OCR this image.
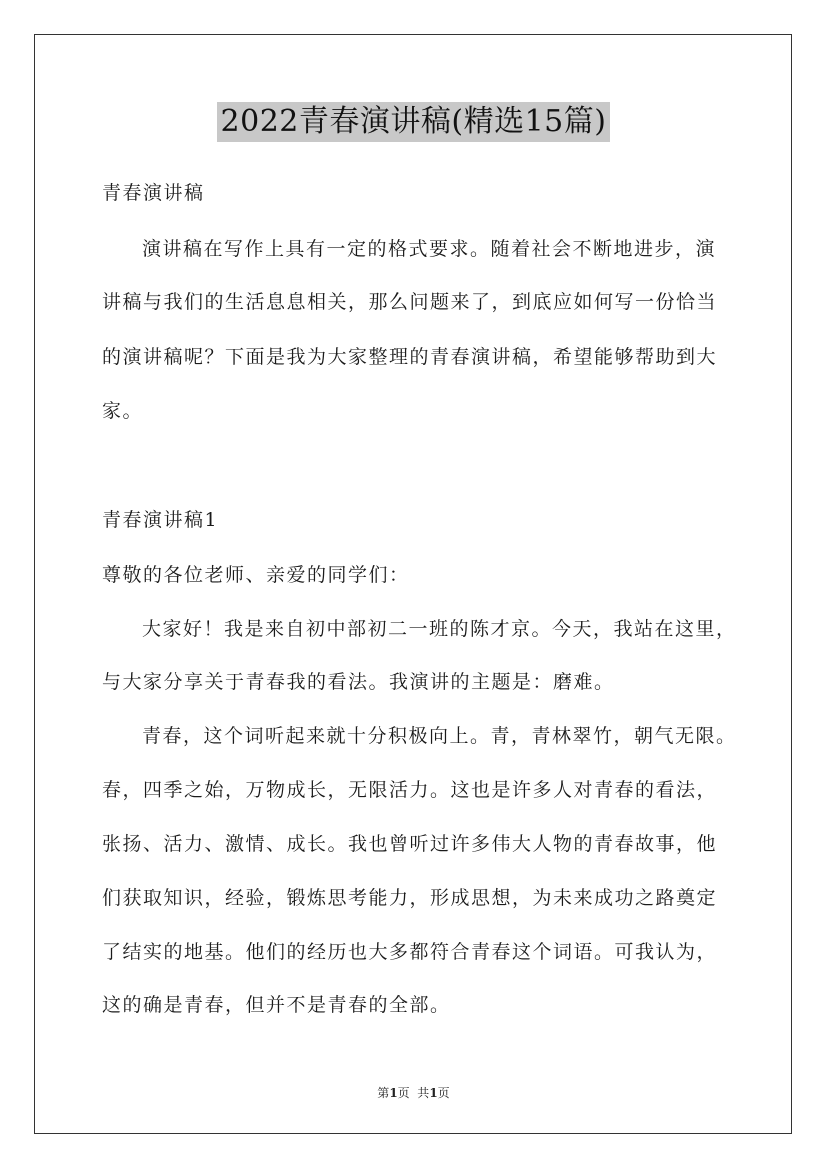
2022青春演讲稿(精选15篇)
青春演讲稿
演讲稿在写作上具有一定的格式要求。随着社会不断地进步，演
讲稿与我们的生活息息相关，那么问题来了，到底应如何写一份恰当
的演讲稿呢？下面是我为大家整理的青春演讲稿，希望能够帮助到大
家。
青春演讲稿1
尊敬的各位老师、亲爱的同学们：
大家好！我是来自初中部初二一班的陈才京。今天，我站在这里，
与大家分享关于青春我的看法。我演讲的主题是：磨难。
青春，这个词听起来就十分积极向上。青，青林翠竹，朝气无限。
春，四季之始，万物成长，无限活力。这也是许多人对青春的看法，
张扬、活力、激情、成长。我也曾听过许多伟大人物的青春故事，他
们获取知识，经验，锻炼思考能力，形成思想，为未来成功之路奠定
了结实的地基。他们的经历也大多都符合青春这个词语。可我认为，
这的确是青春，但并不是青春的全部。
第1页  共1页
